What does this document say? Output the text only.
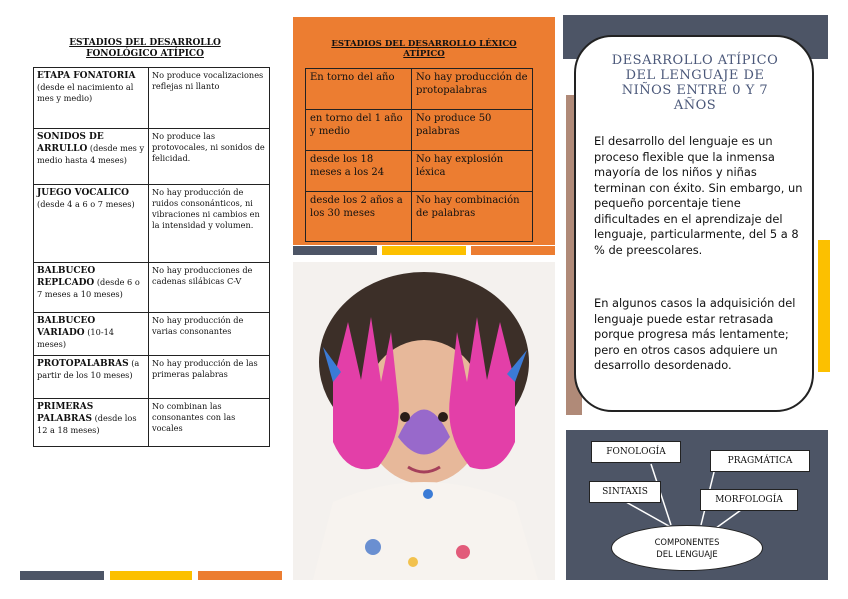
ESTADIOS DEL DESARROLLO
FONOLÓGICO ATÍPICO
ETAPA FONATORIA (desde el nacimiento al mes y medio)	No produce vocalizaciones reflejas ni llanto
SONIDOS DE ARRULLO (desde mes y medio hasta 4 meses)	No produce las protovocales, ni sonidos de felicidad.
JUEGO VOCALICO (desde 4 a 6 o 7 meses)	No hay producción de ruidos consonánticos, ni vibraciones ni cambios en la intensidad y volumen.
BALBUCEO REPLCADO (desde 6 o 7 meses a 10 meses)	No hay producciones de cadenas silábicas C-V
BALBUCEO VARIADO (10-14 meses)	No hay producción de varias consonantes
PROTOPALABRAS (a partir de los 10 meses)	No hay producción de las primeras palabras
PRIMERAS PALABRAS (desde los 12 a 18 meses)	No combinan las consonantes con las vocales
ESTADIOS DEL DESARROLLO LÉXICO
ATÍPICO
En torno del año	No hay producción de protopalabras
en torno del 1 año y medio	No produce 50 palabras
desde los 18 meses a los 24	No hay explosión léxica
desde los 2 años a los 30 meses	No hay combinación de palabras
DESARROLLO ATÍPICO
DEL LENGUAJE DE
NIÑOS ENTRE 0 Y 7
AÑOS

El desarrollo del lenguaje es un proceso flexible que la inmensa mayoría de los niños y niñas terminan con éxito. Sin embargo, un pequeño porcentaje tiene dificultades en el aprendizaje del lenguaje, particularmente, del 5 a 8 % de preescolares.

En algunos casos la adquisición del lenguaje puede estar retrasada porque progresa más lentamente; pero en otros casos adquiere un desarrollo desordenado.

FONOLOGÍA
PRAGMÁTICA
SINTAXIS
MORFOLOGÍA
COMPONENTES
DEL LENGUAJE
